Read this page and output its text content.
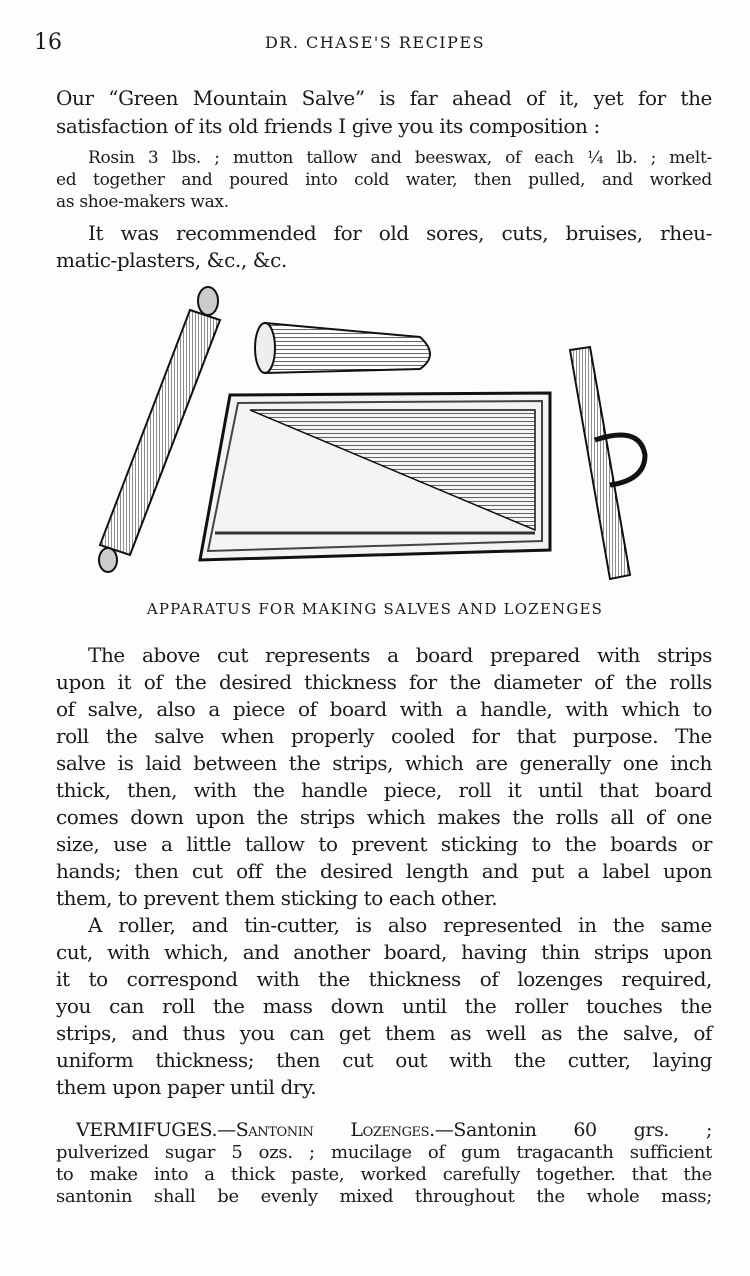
16	DR. CHASE'S RECIPES
Our “Green Mountain Salve” is far ahead of it, yet for the
satisfaction of its old friends I give you its composition :
Rosin 3 lbs. ; mutton tallow and beeswax, of each ¼ lb. ; melt-
ed together and poured into cold water, then pulled, and worked
as shoe-makers wax.
It was recommended for old sores, cuts, bruises, rheu-
matic-plasters, &c., &c.
APPARATUS FOR MAKING SALVES AND LOZENGES
The above cut represents a board prepared with strips
upon it of the desired thickness for the diameter of the rolls
of salve, also a piece of board with a handle, with which to
roll the salve when properly cooled for that purpose. The
salve is laid between the strips, which are generally one inch
thick, then, with the handle piece, roll it until that board
comes down upon the strips which makes the rolls all of one
size, use a little tallow to prevent sticking to the boards or
hands; then cut off the desired length and put a label upon
them, to prevent them sticking to each other.
A roller, and tin-cutter, is also represented in the same
cut, with which, and another board, having thin strips upon
it to correspond with the thickness of lozenges required,
you can roll the mass down until the roller touches the
strips, and thus you can get them as well as the salve, of
uniform thickness; then cut out with the cutter, laying
them upon paper until dry.
VERMIFUGES.—Santonin Lozenges.—Santonin 60 grs. ;
pulverized sugar 5 ozs. ; mucilage of gum tragacanth sufficient
to make into a thick paste, worked carefully together. that the
santonin shall be evenly mixed throughout the whole mass;
